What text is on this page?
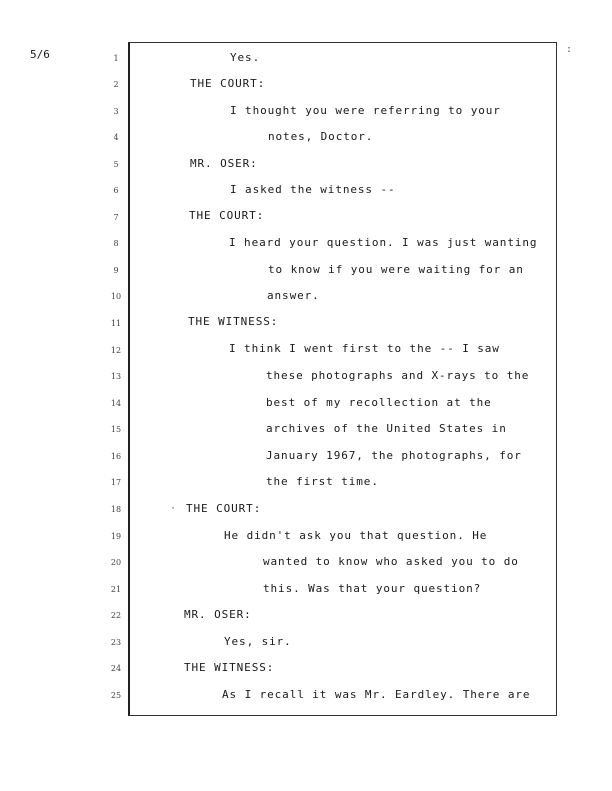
5/6	:
·
1	Yes.
2	THE COURT:
3	I thought you were referring to your
4	notes, Doctor.
5	MR. OSER:
6	I asked the witness --
7	THE COURT:
8	I heard your question. I was just wanting
9	to know if you were waiting for an
10	answer.
11	THE WITNESS:
12	I think I went first to the -- I saw
13	these photographs and X-rays to the
14	best of my recollection at the
15	archives of the United States in
16	January 1967, the photographs, for
17	the first time.
18	THE COURT:
19	He didn't ask you that question. He
20	wanted to know who asked you to do
21	this. Was that your question?
22	MR. OSER:
23	Yes, sir.
24	THE WITNESS:
25	As I recall it was Mr. Eardley. There are
